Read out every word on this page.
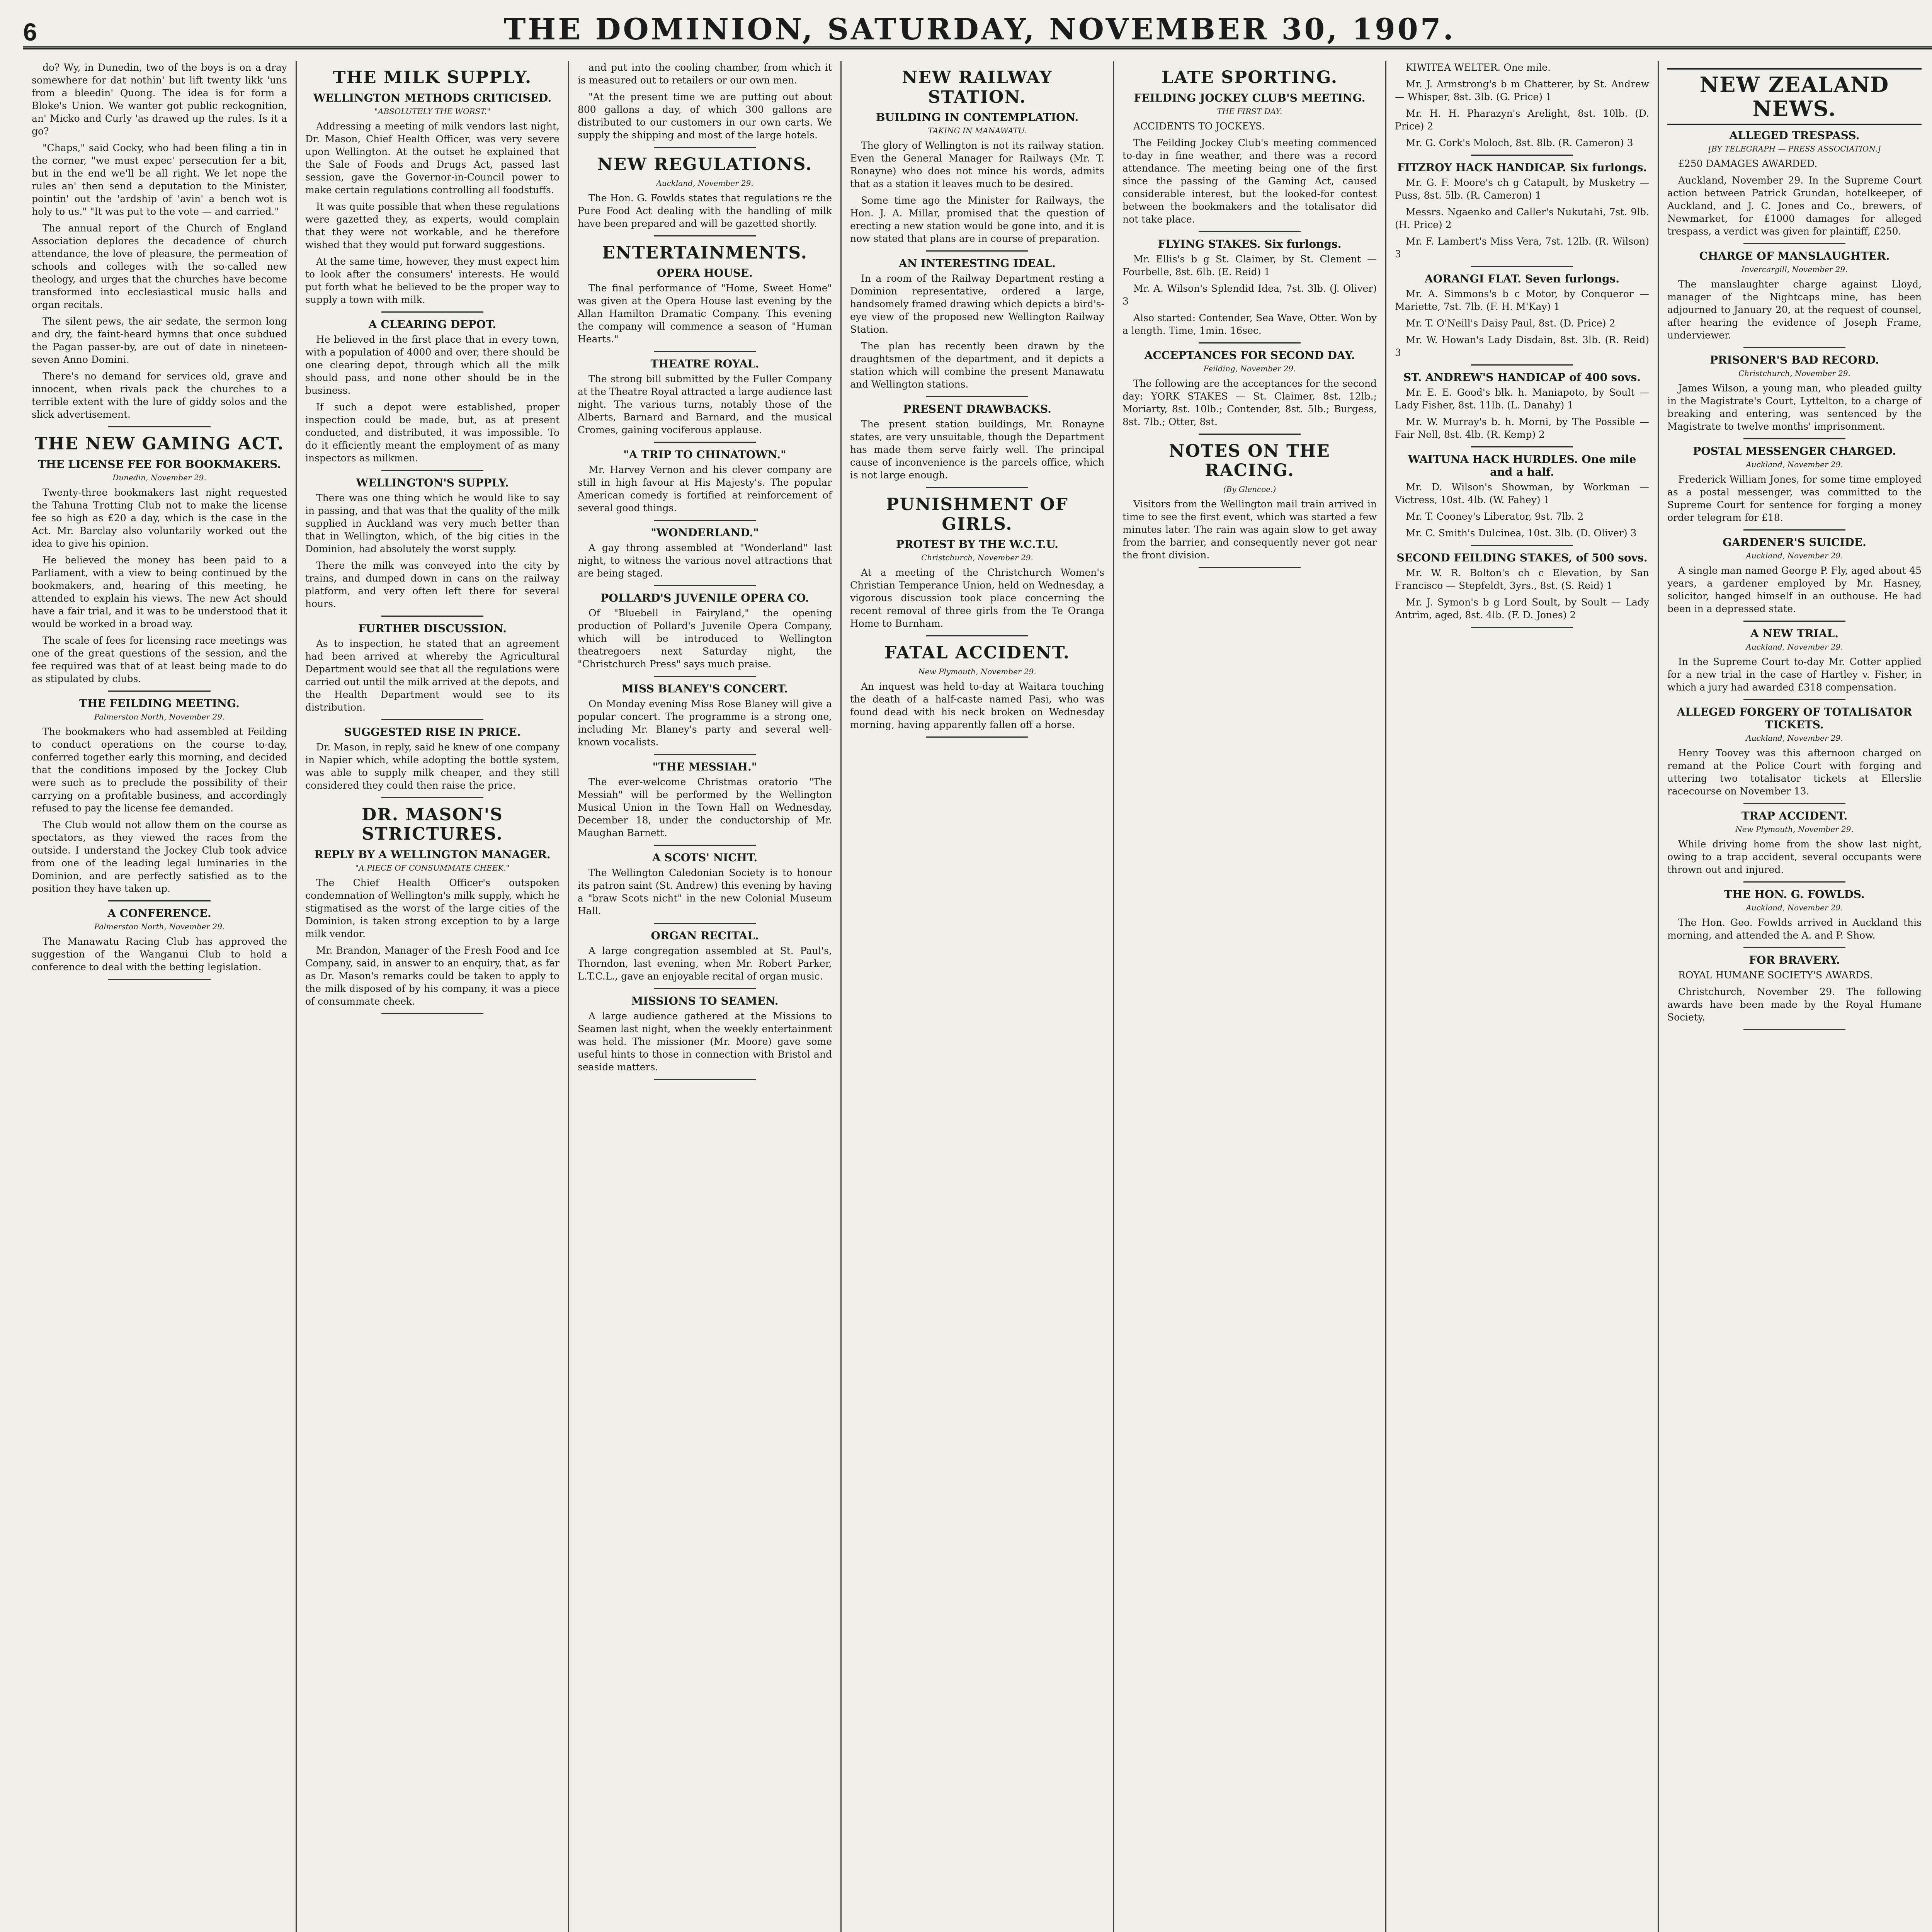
6	THE DOMINION, SATURDAY, NOVEMBER 30, 1907.

do? Wy, in Dunedin, two of the boys is on a dray somewhere for dat nothin' but lift twenty likk 'uns from a bleedin' Quong. The idea is for form a Bloke's Union. We wanter got public reckognition, an' Micko and Curly 'as drawed up the rules. Is it a go?

"Chaps," said Cocky, who had been filing a tin in the corner, "we must expec' persecution fer a bit, but in the end we'll be all right. We let nope the rules an' then send a deputation to the Minister, pointin' out the 'ardship of 'avin' a bench wot is holy to us." "It was put to the vote — and carried."

The annual report of the Church of England Association deplores the decadence of church attendance, the love of pleasure, the permeation of schools and colleges with the so-called new theology, and urges that the churches have become transformed into ecclesiastical music halls and organ recitals.

The silent pews, the air sedate, the sermon long and dry, the faint-heard hymns that once subdued the Pagan passer-by, are out of date in nineteen-seven Anno Domini.

There's no demand for services old, grave and innocent, when rivals pack the churches to a terrible extent with the lure of giddy solos and the slick advertisement.

THE NEW GAMING ACT.
THE LICENSE FEE FOR BOOKMAKERS.
Dunedin, November 29.

Twenty-three bookmakers last night requested the Tahuna Trotting Club not to make the license fee so high as £20 a day, which is the case in the Act. Mr. Barclay also voluntarily worked out the idea to give his opinion.

He believed the money has been paid to a Parliament, with a view to being continued by the bookmakers, and, hearing of this meeting, he attended to explain his views. The new Act should have a fair trial, and it was to be understood that it would be worked in a broad way.

The scale of fees for licensing race meetings was one of the great questions of the session, and the fee required was that of at least being made to do as stipulated by clubs.

THE FEILDING MEETING.
Palmerston North, November 29.

The bookmakers who had assembled at Feilding to conduct operations on the course to-day, conferred together early this morning, and decided that the conditions imposed by the Jockey Club were such as to preclude the possibility of their carrying on a profitable business, and accordingly refused to pay the license fee demanded.

The Club would not allow them on the course as spectators, as they viewed the races from the outside. I understand the Jockey Club took advice from one of the leading legal luminaries in the Dominion, and are perfectly satisfied as to the position they have taken up.

A CONFERENCE.
Palmerston North, November 29.

The Manawatu Racing Club has approved the suggestion of the Wanganui Club to hold a conference to deal with the betting legislation.

THE MILK SUPPLY.
WELLINGTON METHODS CRITICISED.
"ABSOLUTELY THE WORST."

Addressing a meeting of milk vendors last night, Dr. Mason, Chief Health Officer, was very severe upon Wellington. At the outset he explained that the Sale of Foods and Drugs Act, passed last session, gave the Governor-in-Council power to make certain regulations controlling all foodstuffs.

It was quite possible that when these regulations were gazetted they, as experts, would complain that they were not workable, and he therefore wished that they would put forward suggestions.

At the same time, however, they must expect him to look after the consumers' interests. He would put forth what he believed to be the proper way to supply a town with milk.

A CLEARING DEPOT.

He believed in the first place that in every town, with a population of 4000 and over, there should be one clearing depot, through which all the milk should pass, and none other should be in the business.

If such a depot were established, proper inspection could be made, but, as at present conducted, and distributed, it was impossible. To do it efficiently meant the employment of as many inspectors as milkmen.

WELLINGTON'S SUPPLY.

There was one thing which he would like to say in passing, and that was that the quality of the milk supplied in Auckland was very much better than that in Wellington, which, of the big cities in the Dominion, had absolutely the worst supply.

There the milk was conveyed into the city by trains, and dumped down in cans on the railway platform, and very often left there for several hours.

FURTHER DISCUSSION.

As to inspection, he stated that an agreement had been arrived at whereby the Agricultural Department would see that all the regulations were carried out until the milk arrived at the depots, and the Health Department would see to its distribution.

SUGGESTED RISE IN PRICE.

Dr. Mason, in reply, said he knew of one company in Napier which, while adopting the bottle system, was able to supply milk cheaper, and they still considered they could then raise the price.

DR. MASON'S STRICTURES.
REPLY BY A WELLINGTON MANAGER.
"A PIECE OF CONSUMMATE CHEEK."

The Chief Health Officer's outspoken condemnation of Wellington's milk supply, which he stigmatised as the worst of the large cities of the Dominion, is taken strong exception to by a large milk vendor.

Mr. Brandon, Manager of the Fresh Food and Ice Company, said, in answer to an enquiry, that, as far as Dr. Mason's remarks could be taken to apply to the milk disposed of by his company, it was a piece of consummate cheek.

and put into the cooling chamber, from which it is measured out to retailers or our own men.

"At the present time we are putting out about 800 gallons a day, of which 300 gallons are distributed to our customers in our own carts. We supply the shipping and most of the large hotels.

NEW REGULATIONS.
Auckland, November 29.

The Hon. G. Fowlds states that regulations re the Pure Food Act dealing with the handling of milk have been prepared and will be gazetted shortly.

ENTERTAINMENTS.
OPERA HOUSE.

The final performance of "Home, Sweet Home" was given at the Opera House last evening by the Allan Hamilton Dramatic Company. This evening the company will commence a season of "Human Hearts."

THEATRE ROYAL.

The strong bill submitted by the Fuller Company at the Theatre Royal attracted a large audience last night. The various turns, notably those of the Alberts, Barnard and Barnard, and the musical Cromes, gaining vociferous applause.

"A TRIP TO CHINATOWN."

Mr. Harvey Vernon and his clever company are still in high favour at His Majesty's. The popular American comedy is fortified at reinforcement of several good things.

"WONDERLAND."

A gay throng assembled at "Wonderland" last night, to witness the various novel attractions that are being staged.

POLLARD'S JUVENILE OPERA CO.

Of "Bluebell in Fairyland," the opening production of Pollard's Juvenile Opera Company, which will be introduced to Wellington theatregoers next Saturday night, the "Christchurch Press" says much praise.

MISS BLANEY'S CONCERT.

On Monday evening Miss Rose Blaney will give a popular concert. The programme is a strong one, including Mr. Blaney's party and several well-known vocalists.

"THE MESSIAH."

The ever-welcome Christmas oratorio "The Messiah" will be performed by the Wellington Musical Union in the Town Hall on Wednesday, December 18, under the conductorship of Mr. Maughan Barnett.

A SCOTS' NICHT.

The Wellington Caledonian Society is to honour its patron saint (St. Andrew) this evening by having a "braw Scots nicht" in the new Colonial Museum Hall.

ORGAN RECITAL.

A large congregation assembled at St. Paul's, Thorndon, last evening, when Mr. Robert Parker, L.T.C.L., gave an enjoyable recital of organ music.

MISSIONS TO SEAMEN.

A large audience gathered at the Missions to Seamen last night, when the weekly entertainment was held. The missioner (Mr. Moore) gave some useful hints to those in connection with Bristol and seaside matters.

NEW RAILWAY STATION.
BUILDING IN CONTEMPLATION.
TAKING IN MANAWATU.

The glory of Wellington is not its railway station. Even the General Manager for Railways (Mr. T. Ronayne) who does not mince his words, admits that as a station it leaves much to be desired.

Some time ago the Minister for Railways, the Hon. J. A. Millar, promised that the question of erecting a new station would be gone into, and it is now stated that plans are in course of preparation.

AN INTERESTING IDEAL.

In a room of the Railway Department resting a Dominion representative, ordered a large, handsomely framed drawing which depicts a bird's-eye view of the proposed new Wellington Railway Station.

The plan has recently been drawn by the draughtsmen of the department, and it depicts a station which will combine the present Manawatu and Wellington stations.

PRESENT DRAWBACKS.

The present station buildings, Mr. Ronayne states, are very unsuitable, though the Department has made them serve fairly well. The principal cause of inconvenience is the parcels office, which is not large enough.

PUNISHMENT OF GIRLS.
PROTEST BY THE W.C.T.U.
Christchurch, November 29.

At a meeting of the Christchurch Women's Christian Temperance Union, held on Wednesday, a vigorous discussion took place concerning the recent removal of three girls from the Te Oranga Home to Burnham.

FATAL ACCIDENT.
New Plymouth, November 29.

An inquest was held to-day at Waitara touching the death of a half-caste named Pasi, who was found dead with his neck broken on Wednesday morning, having apparently fallen off a horse.

LATE SPORTING.
FEILDING JOCKEY CLUB'S MEETING.
THE FIRST DAY.

ACCIDENTS TO JOCKEYS.

The Feilding Jockey Club's meeting commenced to-day in fine weather, and there was a record attendance. The meeting being one of the first since the passing of the Gaming Act, caused considerable interest, but the looked-for contest between the bookmakers and the totalisator did not take place.

FLYING STAKES. Six furlongs.

Mr. Ellis's b g St. Claimer, by St. Clement — Fourbelle, 8st. 6lb. (E. Reid) 1

Mr. A. Wilson's Splendid Idea, 7st. 3lb. (J. Oliver) 3

Also started: Contender, Sea Wave, Otter. Won by a length. Time, 1min. 16sec.

ACCEPTANCES FOR SECOND DAY.
Feilding, November 29.

The following are the acceptances for the second day: YORK STAKES — St. Claimer, 8st. 12lb.; Moriarty, 8st. 10lb.; Contender, 8st. 5lb.; Burgess, 8st. 7lb.; Otter, 8st.

NOTES ON THE RACING.
(By Glencoe.)

Visitors from the Wellington mail train arrived in time to see the first event, which was started a few minutes later. The rain was again slow to get away from the barrier, and consequently never got near the front division.

KIWITEA WELTER. One mile.

Mr. J. Armstrong's b m Chatterer, by St. Andrew — Whisper, 8st. 3lb. (G. Price) 1

Mr. H. H. Pharazyn's Arelight, 8st. 10lb. (D. Price) 2

Mr. G. Cork's Moloch, 8st. 8lb. (R. Cameron) 3

FITZROY HACK HANDICAP. Six furlongs.

Mr. G. F. Moore's ch g Catapult, by Musketry — Puss, 8st. 5lb. (R. Cameron) 1

Messrs. Ngaenko and Caller's Nukutahi, 7st. 9lb. (H. Price) 2

Mr. F. Lambert's Miss Vera, 7st. 12lb. (R. Wilson) 3

AORANGI FLAT. Seven furlongs.

Mr. A. Simmons's b c Motor, by Conqueror — Mariette, 7st. 7lb. (F. H. M'Kay) 1

Mr. T. O'Neill's Daisy Paul, 8st. (D. Price) 2

Mr. W. Howan's Lady Disdain, 8st. 3lb. (R. Reid) 3

ST. ANDREW'S HANDICAP of 400 sovs.

Mr. E. E. Good's blk. h. Maniapoto, by Soult — Lady Fisher, 8st. 11lb. (L. Danahy) 1

Mr. W. Murray's b. h. Morni, by The Possible — Fair Nell, 8st. 4lb. (R. Kemp) 2

WAITUNA HACK HURDLES. One mile and a half.

Mr. D. Wilson's Showman, by Workman — Victress, 10st. 4lb. (W. Fahey) 1

Mr. T. Cooney's Liberator, 9st. 7lb. 2

Mr. C. Smith's Dulcinea, 10st. 3lb. (D. Oliver) 3

SECOND FEILDING STAKES, of 500 sovs.

Mr. W. R. Bolton's ch c Elevation, by San Francisco — Stepfeldt, 3yrs., 8st. (S. Reid) 1

Mr. J. Symon's b g Lord Soult, by Soult — Lady Antrim, aged, 8st. 4lb. (F. D. Jones) 2

NEW ZEALAND NEWS.
ALLEGED TRESPASS.
[BY TELEGRAPH — PRESS ASSOCIATION.]

£250 DAMAGES AWARDED.

Auckland, November 29. In the Supreme Court action between Patrick Grundan, hotelkeeper, of Auckland, and J. C. Jones and Co., brewers, of Newmarket, for £1000 damages for alleged trespass, a verdict was given for plaintiff, £250.

CHARGE OF MANSLAUGHTER.
Invercargill, November 29.

The manslaughter charge against Lloyd, manager of the Nightcaps mine, has been adjourned to January 20, at the request of counsel, after hearing the evidence of Joseph Frame, underviewer.

PRISONER'S BAD RECORD.
Christchurch, November 29.

James Wilson, a young man, who pleaded guilty in the Magistrate's Court, Lyttelton, to a charge of breaking and entering, was sentenced by the Magistrate to twelve months' imprisonment.

POSTAL MESSENGER CHARGED.
Auckland, November 29.

Frederick William Jones, for some time employed as a postal messenger, was committed to the Supreme Court for sentence for forging a money order telegram for £18.

GARDENER'S SUICIDE.
Auckland, November 29.

A single man named George P. Fly, aged about 45 years, a gardener employed by Mr. Hasney, solicitor, hanged himself in an outhouse. He had been in a depressed state.

A NEW TRIAL.
Auckland, November 29.

In the Supreme Court to-day Mr. Cotter applied for a new trial in the case of Hartley v. Fisher, in which a jury had awarded £318 compensation.

ALLEGED FORGERY OF TOTALISATOR TICKETS.
Auckland, November 29.

Henry Toovey was this afternoon charged on remand at the Police Court with forging and uttering two totalisator tickets at Ellerslie racecourse on November 13.

TRAP ACCIDENT.
New Plymouth, November 29.

While driving home from the show last night, owing to a trap accident, several occupants were thrown out and injured.

THE HON. G. FOWLDS.
Auckland, November 29.

The Hon. Geo. Fowlds arrived in Auckland this morning, and attended the A. and P. Show.

FOR BRAVERY.

ROYAL HUMANE SOCIETY'S AWARDS.

Christchurch, November 29. The following awards have been made by the Royal Humane Society.
